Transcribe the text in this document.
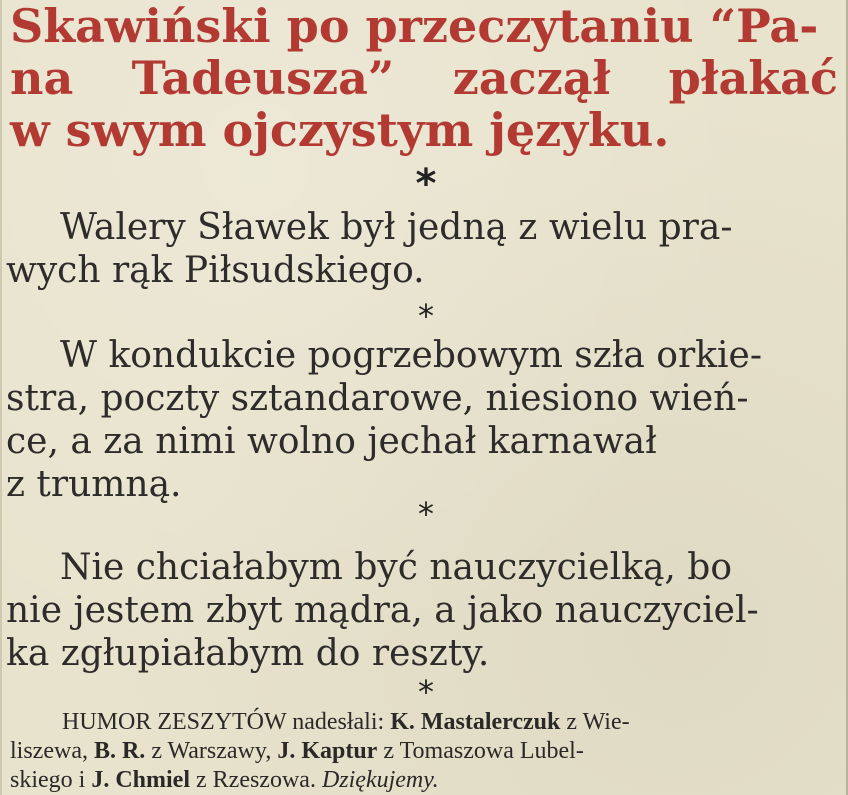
Skawiński po przeczytaniu “Pa-
na Tadeusza” zaczął płakać
w swym ojczystym języku.
*
Walery Sławek był jedną z wielu pra-
wych rąk Piłsudskiego.
*
W kondukcie pogrzebowym szła orkie-
stra, poczty sztandarowe, niesiono wień-
ce, a za nimi wolno jechał karnawał
z trumną.
*
Nie chciałabym być nauczycielką, bo
nie jestem zbyt mądra, a jako nauczyciel-
ka zgłupiałabym do reszty.
*
HUMOR ZESZYTÓW nadesłali: K. Mastalerczuk z Wie-
liszewa, B. R. z Warszawy, J. Kaptur z Tomaszowa Lubel-
skiego i J. Chmiel z Rzeszowa. Dziękujemy.
